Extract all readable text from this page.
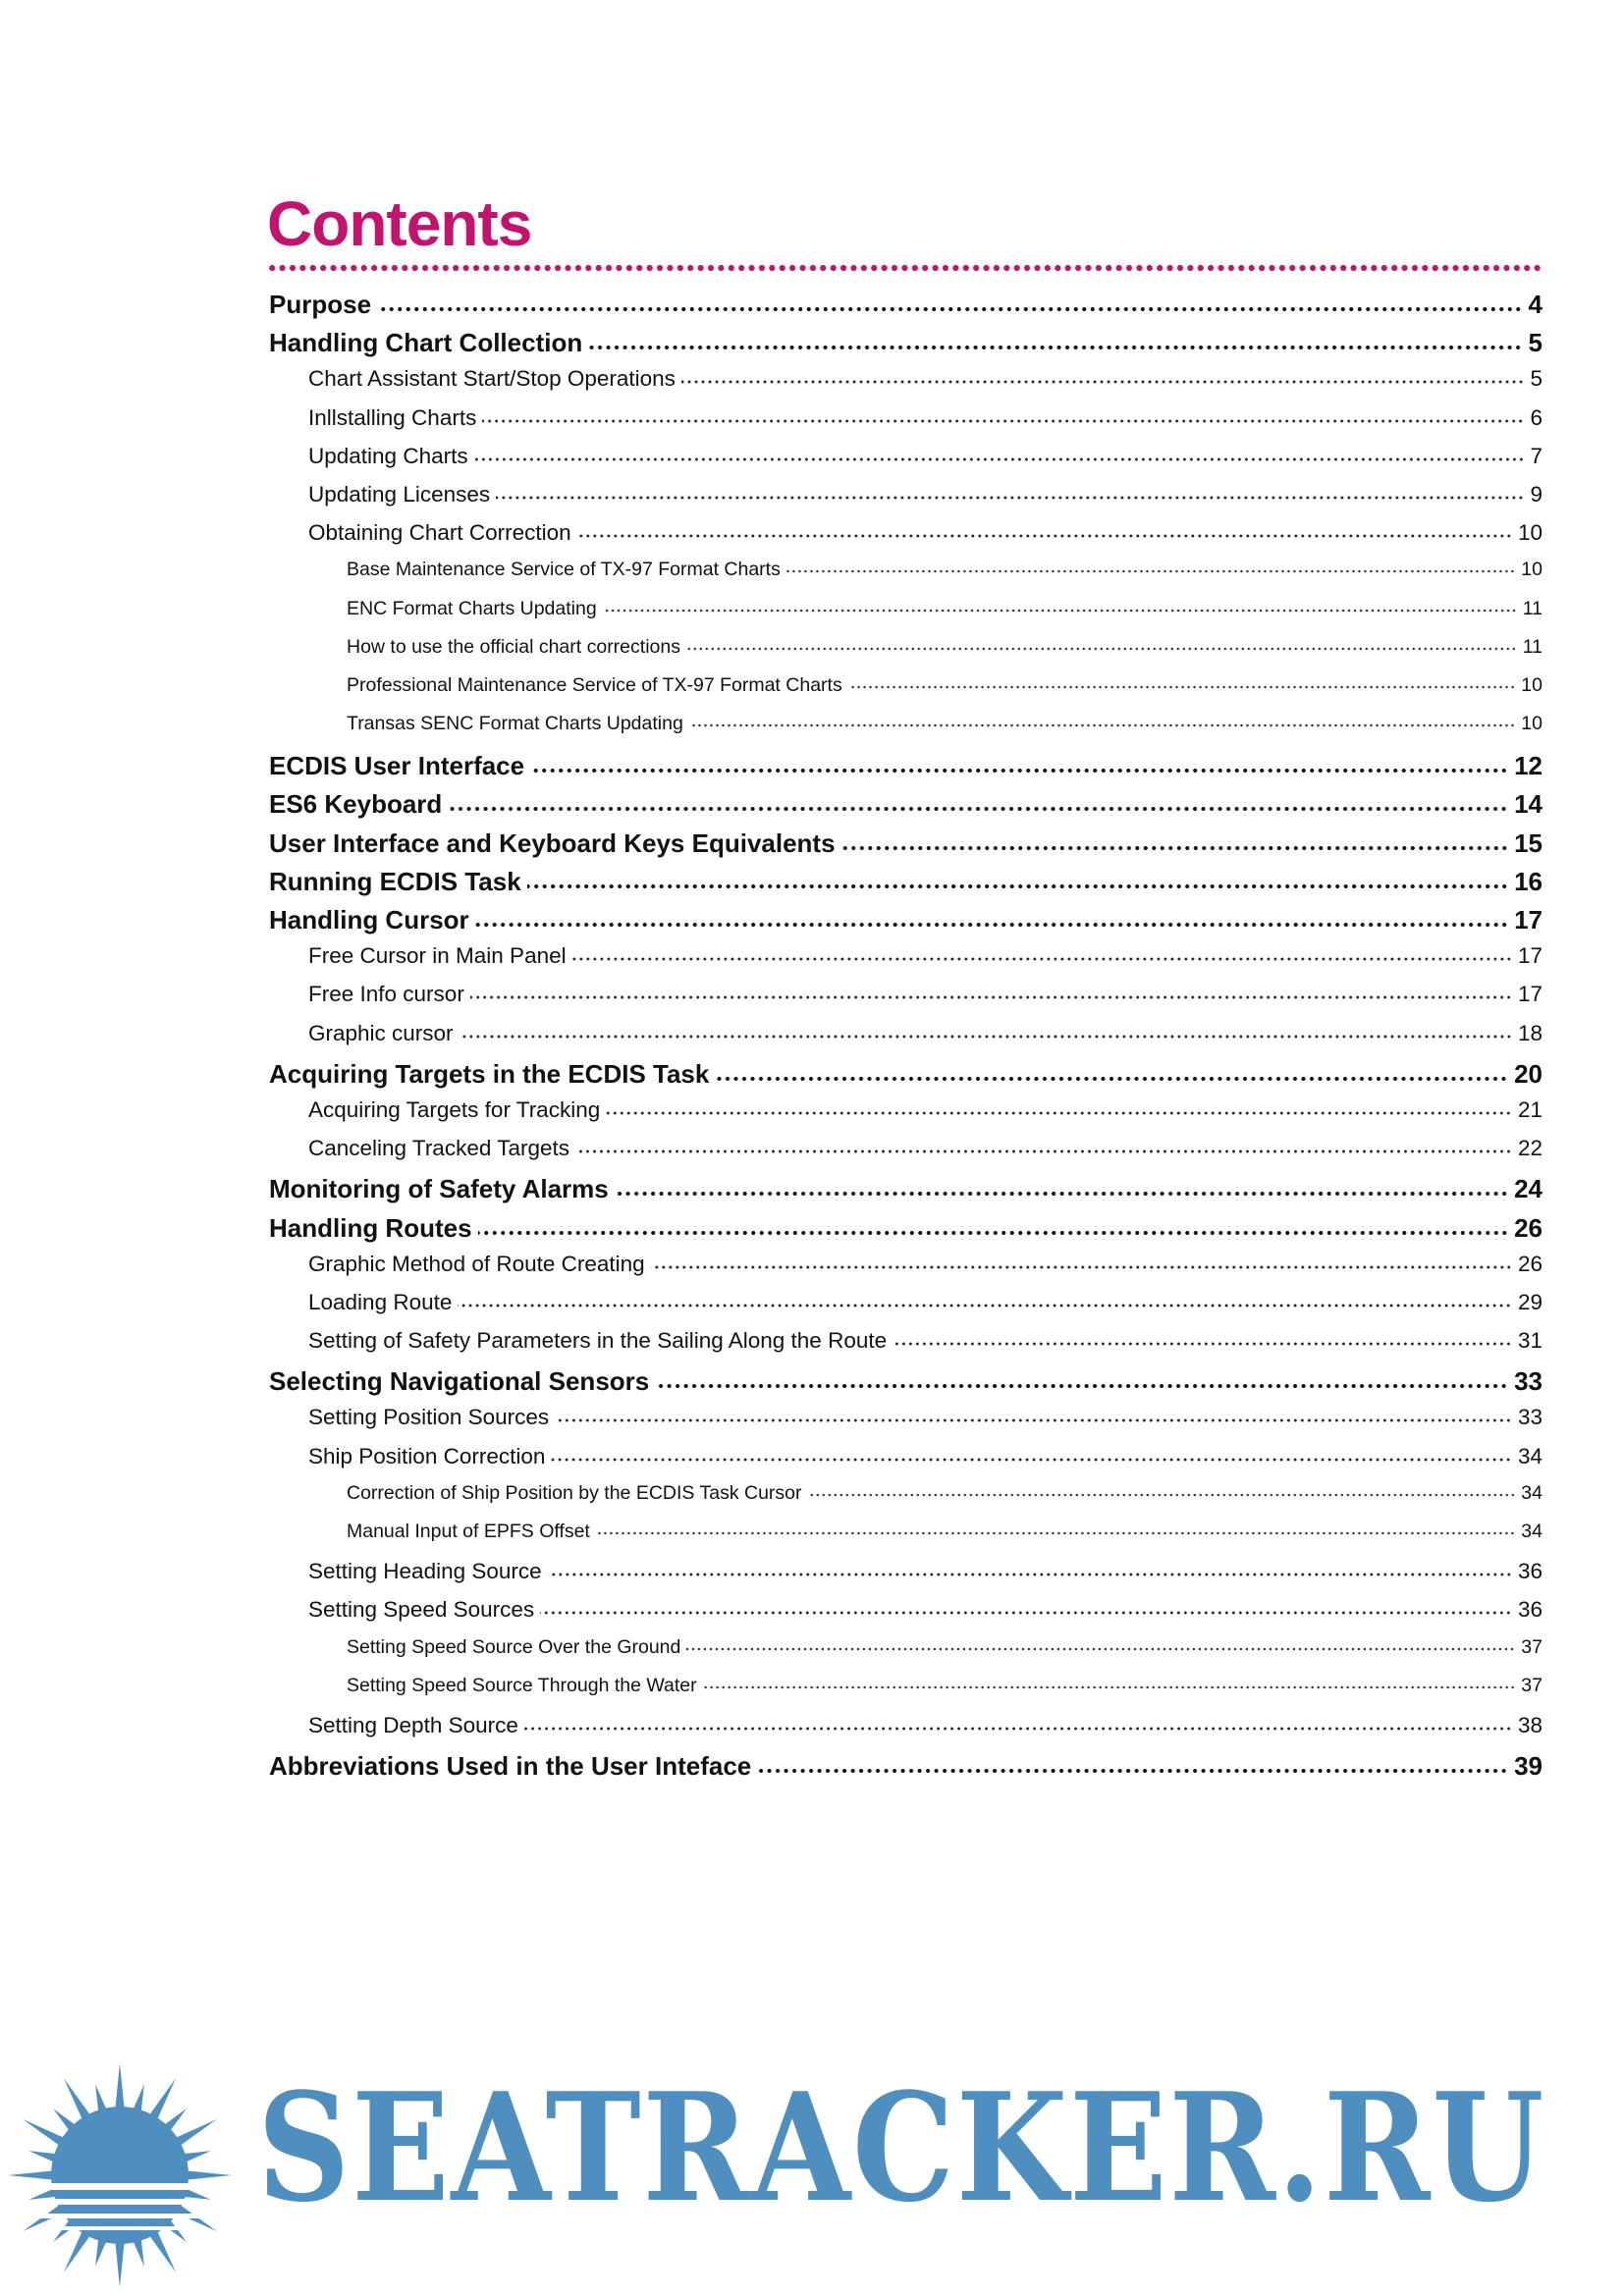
Contents
Purpose	4
Handling Chart Collection	5
Chart Assistant Start/Stop Operations	5
Inllstalling Charts	6
Updating Charts	7
Updating Licenses	9
Obtaining Chart Correction	10
Base Maintenance Service of TX-97 Format Charts	10
ENC Format Charts Updating	11
How to use the official chart corrections	11
Professional Maintenance Service of TX-97 Format Charts	10
Transas SENC Format Charts Updating	10
ECDIS User Interface	12
ES6 Keyboard	14
User Interface and Keyboard Keys Equivalents	15
Running ECDIS Task	16
Handling Cursor	17
Free Cursor in Main Panel	17
Free Info cursor	17
Graphic cursor	18
Acquiring Targets in the ECDIS Task	20
Acquiring Targets for Tracking	21
Canceling Tracked Targets	22
Monitoring of Safety Alarms	24
Handling Routes	26
Graphic Method of Route Creating	26
Loading Route	29
Setting of Safety Parameters in the Sailing Along the Route	31
Selecting Navigational Sensors	33
Setting Position Sources	33
Ship Position Correction	34
Correction of Ship Position by the ECDIS Task Cursor	34
Manual Input of EPFS Offset	34
Setting Heading Source	36
Setting Speed Sources	36
Setting Speed Source Over the Ground	37
Setting Speed Source Through the Water	37
Setting Depth Source	38
Abbreviations Used in the User Inteface	39
SEATRACKER.RU
